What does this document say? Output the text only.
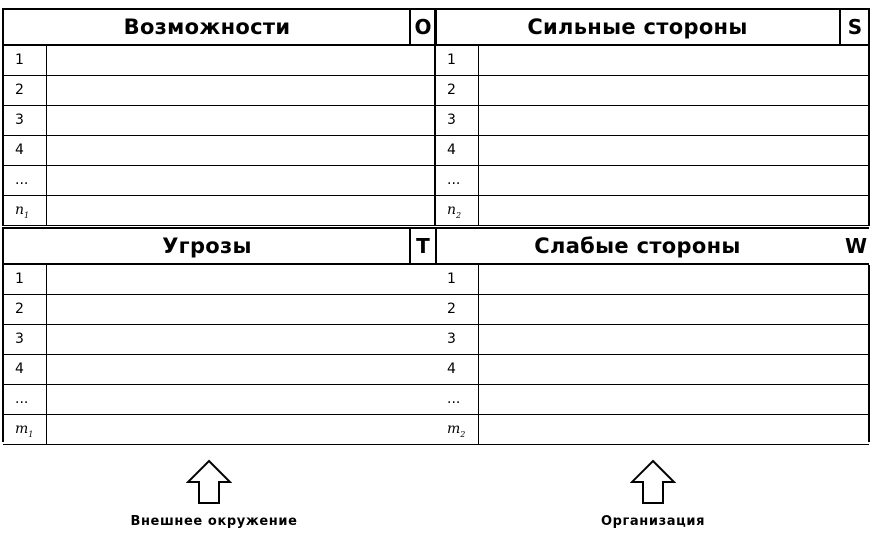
Возможности	O
1
2
3
4
...
$n_1$
Сильные стороны	S
1
2
3
4
...
$n_2$
Угрозы	T
1
2
3
4
...
$m_1$
Слабые стороны	W
1
2
3
4
...
$m_2$
Внешнее окружение	Организация
